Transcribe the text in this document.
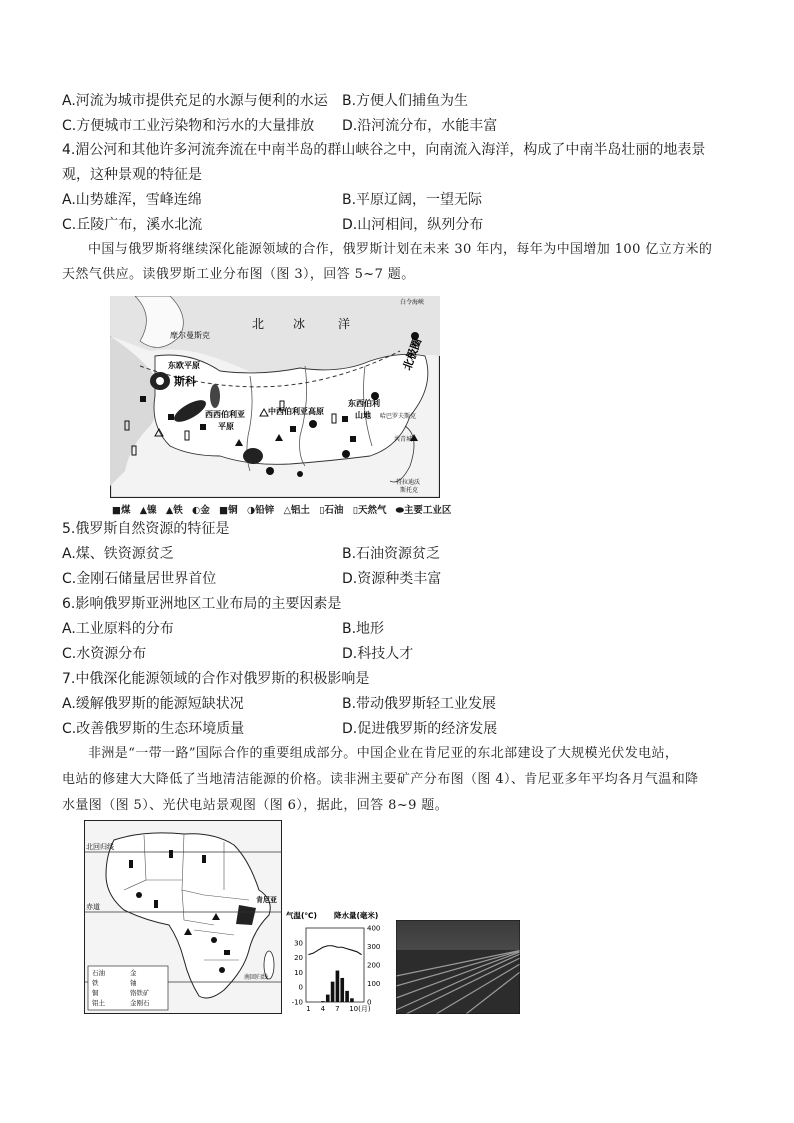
A.河流为城市提供充足的水源与便利的水运 B.方便人们捕鱼为生
C.方便城市工业污染物和污水的大量排放 D.沿河流分布，水能丰富
4.湄公河和其他许多河流奔流在中南半岛的群山峡谷之中，向南流入海洋，构成了中南半岛壮丽的地表景
观，这种景观的特征是
A.山势雄浑，雪峰连绵	B.平原辽阔，一望无际
C.丘陵广布，溪水北流	D.山河相间，纵列分布
中国与俄罗斯将继续深化能源领域的合作，俄罗斯计划在未来 30 年内，每年为中国增加 100 亿立方米的
天然气供应。读俄罗斯工业分布图（图 3），回答 5~7 题。
白令海峡
北 冰	洋
北极圈
摩尔曼斯克
东欧平原
斯科
西西伯利亚
平原
中西伯利亚高原
东西伯利
山地 哈巴罗夫斯克
共青城
符拉迪沃
斯托克
■煤 ▲镍 ▲铁 ◐金 ■铜 ◑铅锌 △铝土 ▯石油 ▯天然气 ⬬主要工业区
5.俄罗斯自然资源的特征是
A.煤、铁资源贫乏	B.石油资源贫乏
C.金刚石储量居世界首位	D.资源种类丰富
6.影响俄罗斯亚洲地区工业布局的主要因素是
A.工业原料的分布	B.地形
C.水资源分布	D.科技人才
7.中俄深化能源领域的合作对俄罗斯的积极影响是
A.缓解俄罗斯的能源短缺状况	B.带动俄罗斯轻工业发展
C.改善俄罗斯的生态环境质量	D.促进俄罗斯的经济发展
非洲是“一带一路”国际合作的重要组成部分。中国企业在肯尼亚的东北部建设了大规模光伏发电站，
电站的修建大大降低了当地清洁能源的价格。读非洲主要矿产分布图（图 4）、肯尼亚多年平均各月气温和降
水量图（图 5）、光伏电站景观图（图 6），据此，回答 8~9 题。
北回归线
赤道
肯尼亚
南回归线
石油	金
铁	铀
铜	铬铁矿
铝土	金刚石
气温(℃) 降水量(毫米)
30
20
10
0
-10
400
300
200
100
0
1 4 7 10(月)
